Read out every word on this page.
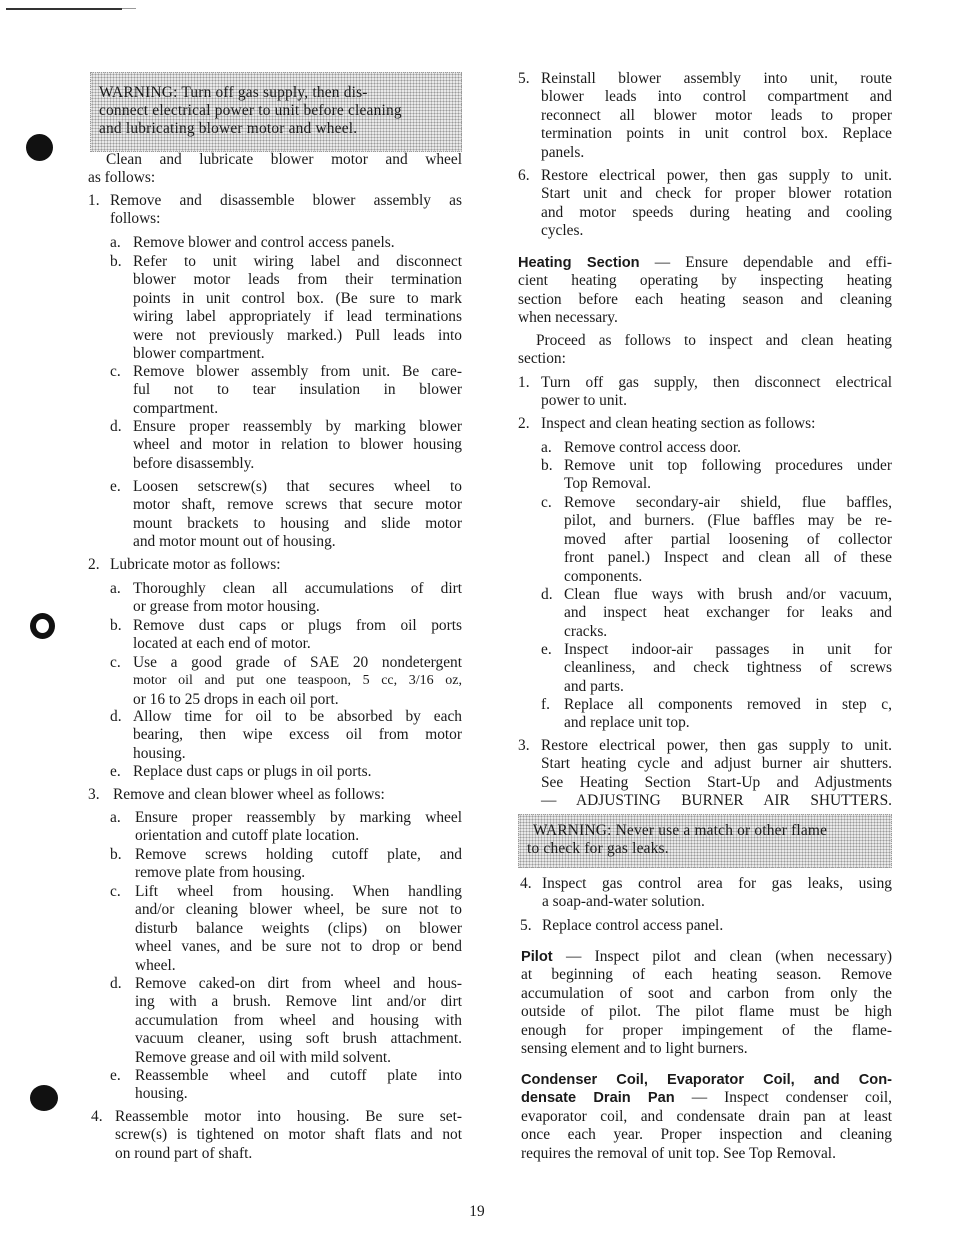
WARNING: Turn off gas supply, then dis-
connect electrical power to unit before cleaning
and lubricating blower motor and wheel.
Clean and lubricate blower motor and wheel
as follows:
1. Remove and disassemble blower assembly as
follows:
a. Remove blower and control access panels.
b. Refer to unit wiring label and disconnect
blower motor leads from their termination
points in unit control box. (Be sure to mark
wiring label appropriately if lead terminations
were not previously marked.) Pull leads into
blower compartment.
c. Remove blower assembly from unit. Be care-
ful not to tear insulation in blower
compartment.
d. Ensure proper reassembly by marking blower
wheel and motor in relation to blower housing
before disassembly.
e. Loosen setscrew(s) that secures wheel to
motor shaft, remove screws that secure motor
mount brackets to housing and slide motor
and motor mount out of housing.
2. Lubricate motor as follows:
a. Thoroughly clean all accumulations of dirt
or grease from motor housing.
b. Remove dust caps or plugs from oil ports
located at each end of motor.
c. Use a good grade of SAE 20 nondetergent
motor oil and put one teaspoon, 5 cc, 3/16 oz,
or 16 to 25 drops in each oil port.
d. Allow time for oil to be absorbed by each
bearing, then wipe excess oil from motor
housing.
e. Replace dust caps or plugs in oil ports.
3. Remove and clean blower wheel as follows:
a. Ensure proper reassembly by marking wheel
orientation and cutoff plate location.
b. Remove screws holding cutoff plate, and
remove plate from housing.
c. Lift wheel from housing. When handling
and/or cleaning blower wheel, be sure not to
disturb balance weights (clips) on blower
wheel vanes, and be sure not to drop or bend
wheel.
d. Remove caked-on dirt from wheel and hous-
ing with a brush. Remove lint and/or dirt
accumulation from wheel and housing with
vacuum cleaner, using soft brush attachment.
Remove grease and oil with mild solvent.
e. Reassemble wheel and cutoff plate into
housing.
4. Reassemble motor into housing. Be sure set-
screw(s) is tightened on motor shaft flats and not
on round part of shaft.
5. Reinstall blower assembly into unit, route
blower leads into control compartment and
reconnect all blower motor leads to proper
termination points in unit control box. Replace
panels.
6. Restore electrical power, then gas supply to unit.
Start unit and check for proper blower rotation
and motor speeds during heating and cooling
cycles.
Heating Section — Ensure dependable and effi-
cient heating operating by inspecting heating
section before each heating season and cleaning
when necessary.
Proceed as follows to inspect and clean heating
section:
1. Turn off gas supply, then disconnect electrical
power to unit.
2. Inspect and clean heating section as follows:
a. Remove control access door.
b. Remove unit top following procedures under
Top Removal.
c. Remove secondary-air shield, flue baffles,
pilot, and burners. (Flue baffles may be re-
moved after partial loosening of collector
front panel.) Inspect and clean all of these
components.
d. Clean flue ways with brush and/or vacuum,
and inspect heat exchanger for leaks and
cracks.
e. Inspect indoor-air passages in unit for
cleanliness, and check tightness of screws
and parts.
f. Replace all components removed in step c,
and replace unit top.
3. Restore electrical power, then gas supply to unit.
Start heating cycle and adjust burner air shutters.
See Heating Section Start-Up and Adjustments
— ADJUSTING BURNER AIR SHUTTERS.
WARNING: Never use a match or other flame
to check for gas leaks.
4. Inspect gas control area for gas leaks, using
a soap-and-water solution.
5. Replace control access panel.
Pilot — Inspect pilot and clean (when necessary)
at beginning of each heating season. Remove
accumulation of soot and carbon from only the
outside of pilot. The pilot flame must be high
enough for proper impingement of the flame-
sensing element and to light burners.
Condenser Coil, Evaporator Coil, and Con-
densate Drain Pan — Inspect condenser coil,
evaporator coil, and condensate drain pan at least
once each year. Proper inspection and cleaning
requires the removal of unit top. See Top Removal.
19
